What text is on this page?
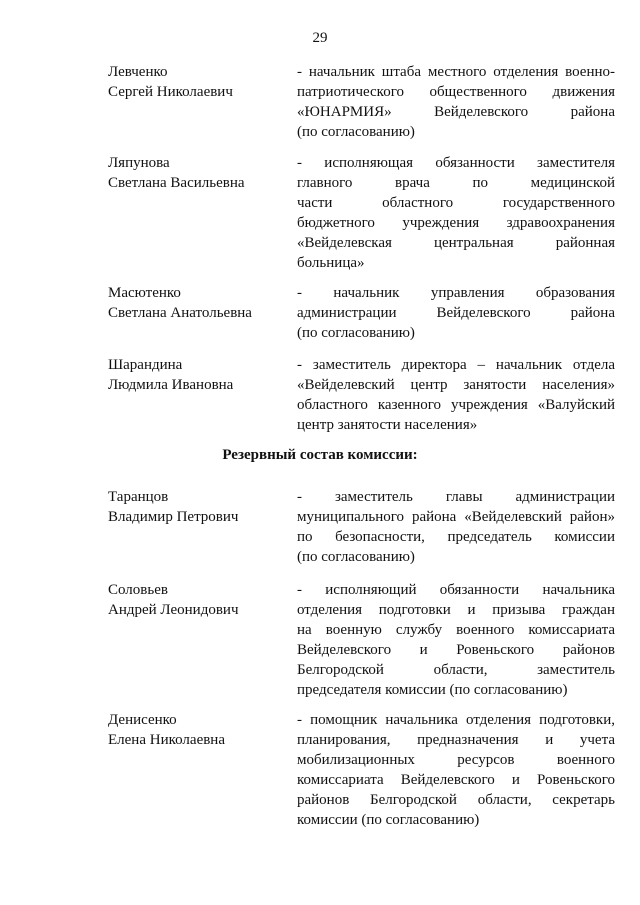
29
Левченко
Сергей Николаевич
- начальник штаба местного отделения военно-
патриотического общественного движения
«ЮНАРМИЯ» Вейделевского района
(по согласованию)
Ляпунова
Светлана Васильевна
- исполняющая обязанности заместителя
главного врача по медицинской
части областного государственного
бюджетного учреждения здравоохранения
«Вейделевская центральная районная
больница»
Масютенко
Светлана Анатольевна
- начальник управления образования
администрации Вейделевского района
(по согласованию)
Шарандина
Людмила Ивановна
- заместитель директора – начальник отдела
«Вейделевский центр занятости населения»
областного казенного учреждения «Валуйский
центр занятости населения»
Резервный состав комиссии:
Таранцов
Владимир Петрович
- заместитель главы администрации
муниципального района «Вейделевский район»
по безопасности, председатель комиссии
(по согласованию)
Соловьев
Андрей Леонидович
- исполняющий обязанности начальника
отделения подготовки и призыва граждан
на военную службу военного комиссариата
Вейделевского и Ровеньского районов
Белгородской области, заместитель
председателя комиссии (по согласованию)
Денисенко
Елена Николаевна
- помощник начальника отделения подготовки,
планирования, предназначения и учета
мобилизационных ресурсов военного
комиссариата Вейделевского и Ровеньского
районов Белгородской области, секретарь
комиссии (по согласованию)
